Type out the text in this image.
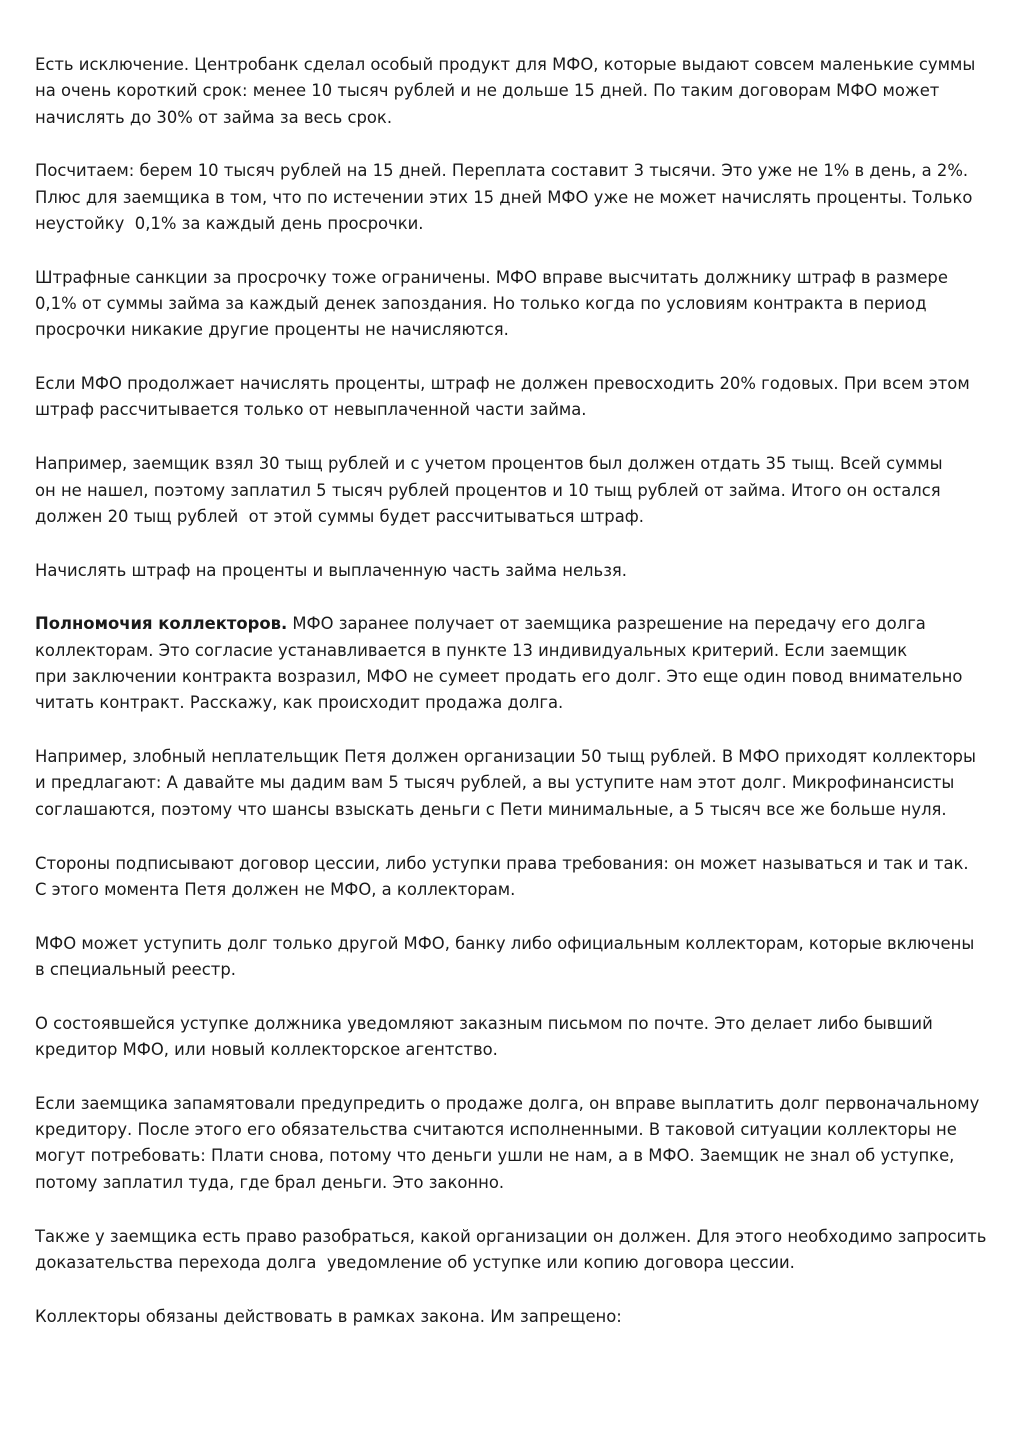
Есть исключение. Центробанк сделал особый продукт для МФО, которые выдают совсем маленькие суммы
на очень короткий срок: менее 10 тысяч рублей и не дольше 15 дней. По таким договорам МФО может
начислять до 30% от займа за весь срок.

Посчитаем: берем 10 тысяч рублей на 15 дней. Переплата составит 3 тысячи. Это уже не 1% в день, а 2%.
Плюс для заемщика в том, что по истечении этих 15 дней МФО уже не может начислять проценты. Только
неустойку  0,1% за каждый день просрочки.

Штрафные санкции за просрочку тоже ограничены. МФО вправе высчитать должнику штраф в размере
0,1% от суммы займа за каждый денек запоздания. Но только когда по условиям контракта в период
просрочки никакие другие проценты не начисляются.

Если МФО продолжает начислять проценты, штраф не должен превосходить 20% годовых. При всем этом
штраф рассчитывается только от невыплаченной части займа.

Например, заемщик взял 30 тыщ рублей и с учетом процентов был должен отдать 35 тыщ. Всей суммы
он не нашел, поэтому заплатил 5 тысяч рублей процентов и 10 тыщ рублей от займа. Итого он остался
должен 20 тыщ рублей  от этой суммы будет рассчитываться штраф.

Начислять штраф на проценты и выплаченную часть займа нельзя.

Полномочия коллекторов. МФО заранее получает от заемщика разрешение на передачу его долга
коллекторам. Это согласие устанавливается в пункте 13 индивидуальных критерий. Если заемщик
при заключении контракта возразил, МФО не сумеет продать его долг. Это еще один повод внимательно
читать контракт. Расскажу, как происходит продажа долга.

Например, злобный неплательщик Петя должен организации 50 тыщ рублей. В МФО приходят коллекторы
и предлагают: А давайте мы дадим вам 5 тысяч рублей, а вы уступите нам этот долг. Микрофинансисты
соглашаются, поэтому что шансы взыскать деньги с Пети минимальные, а 5 тысяч все же больше нуля.

Стороны подписывают договор цессии, либо уступки права требования: он может называться и так и так.
С этого момента Петя должен не МФО, а коллекторам.

МФО может уступить долг только другой МФО, банку либо официальным коллекторам, которые включены
в специальный реестр.

О состоявшейся уступке должника уведомляют заказным письмом по почте. Это делает либо бывший
кредитор МФО, или новый коллекторское агентство.

Если заемщика запамятовали предупредить о продаже долга, он вправе выплатить долг первоначальному
кредитору. После этого его обязательства считаются исполненными. В таковой ситуации коллекторы не
могут потребовать: Плати снова, потому что деньги ушли не нам, а в МФО. Заемщик не знал об уступке,
потому заплатил туда, где брал деньги. Это законно.

Также у заемщика есть право разобраться, какой организации он должен. Для этого необходимо запросить
доказательства перехода долга  уведомление об уступке или копию договора цессии.

Коллекторы обязаны действовать в рамках закона. Им запрещено:
